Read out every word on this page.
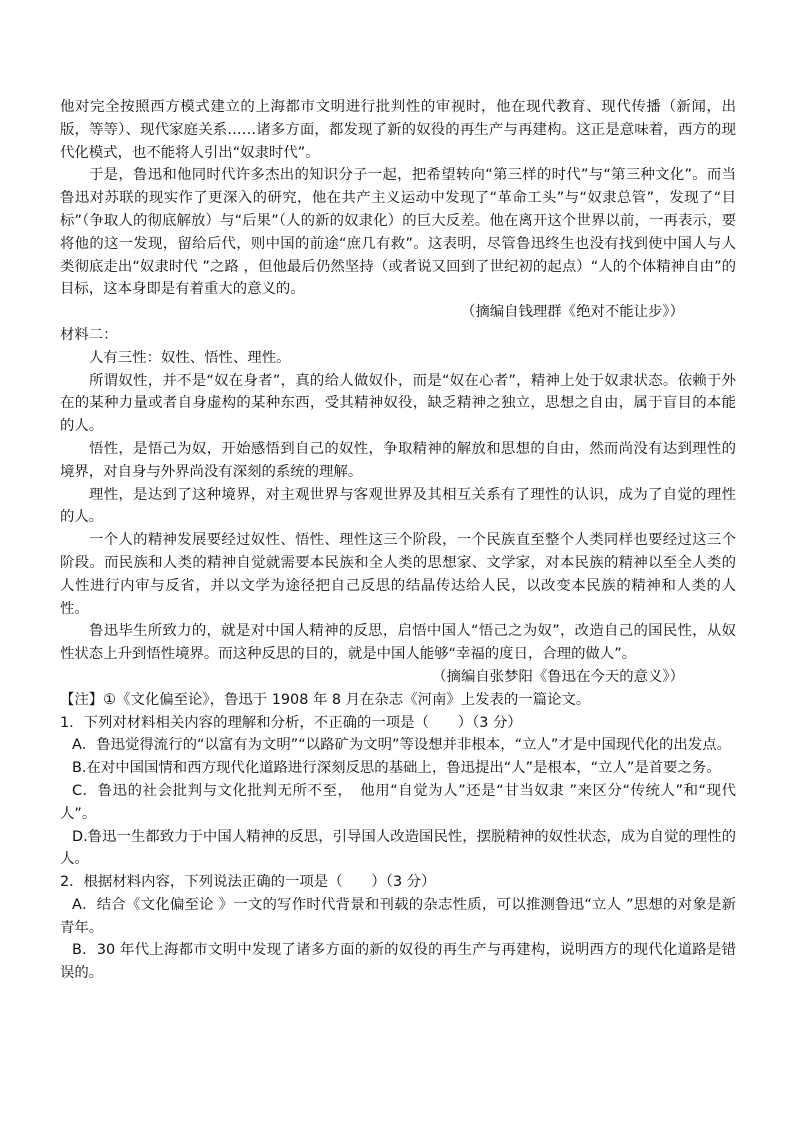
他对完全按照西方模式建立的上海都市文明进行批判性的审视时，他在现代教育、现代传播（新闻，出版，等等）、现代家庭关系……诸多方面，都发现了新的奴役的再生产与再建构。这正是意味着，西方的现代化模式，也不能将人引出“奴隶时代”。

于是，鲁迅和他同时代许多杰出的知识分子一起，把希望转向“第三样的时代”与“第三种文化”。而当鲁迅对苏联的现实作了更深入的研究，他在共产主义运动中发现了“革命工头”与“奴隶总管”，发现了“目标”（争取人的彻底解放）与“后果”（人的新的奴隶化）的巨大反差。他在离开这个世界以前，一再表示，要将他的这一发现，留给后代，则中国的前途“庶几有救”。这表明，尽管鲁迅终生也没有找到使中国人与人类彻底走出“奴隶时代 ”之路 ，但他最后仍然坚持（或者说又回到了世纪初的起点）“人的个体精神自由”的目标，这本身即是有着重大的意义的。

（摘编自钱理群《绝对不能让步》）

材料二：

人有三性：奴性、悟性、理性。

所谓奴性，并不是“奴在身者”，真的给人做奴仆，而是“奴在心者”，精神上处于奴隶状态。依赖于外在的某种力量或者自身虚构的某种东西，受其精神奴役，缺乏精神之独立，思想之自由，属于盲目的本能的人。

悟性，是悟己为奴，开始感悟到自己的奴性，争取精神的解放和思想的自由，然而尚没有达到理性的境界，对自身与外界尚没有深刻的系统的理解。

理性，是达到了这种境界，对主观世界与客观世界及其相互关系有了理性的认识，成为了自觉的理性的人。

一个人的精神发展要经过奴性、悟性、理性这三个阶段，一个民族直至整个人类同样也要经过这三个阶段。而民族和人类的精神自觉就需要本民族和全人类的思想家、文学家，对本民族的精神以至全人类的人性进行内审与反省，并以文学为途径把自己反思的结晶传达给人民，以改变本民族的精神和人类的人性。

鲁迅毕生所致力的，就是对中国人精神的反思，启悟中国人“悟己之为奴”，改造自己的国民性，从奴性状态上升到悟性境界。而这种反思的目的，就是中国人能够“幸福的度日，合理的做人”。

（摘编自张梦阳《鲁迅在今天的意义》）

【注】①《文化偏至论》，鲁迅于 1908 年 8 月在杂志《河南》上发表的一篇论文。

1．下列对材料相关内容的理解和分析，不正确的一项是（　　）（3 分）

A．鲁迅觉得流行的“以富有为文明”“以路矿为文明”等设想并非根本，“立人”才是中国现代化的出发点。

B.在对中国国情和西方现代化道路进行深刻反思的基础上，鲁迅提出“人”是根本，“立人”是首要之务。

C．鲁迅的社会批判与文化批判无所不至，　他用“自觉为人”还是“甘当奴隶 ”来区分“传统人”和“现代人”。

D.鲁迅一生都致力于中国人精神的反思，引导国人改造国民性，摆脱精神的奴性状态，成为自觉的理性的人。

2．根据材料内容，下列说法正确的一项是（　　）（3 分）

A．结合《文化偏至论 》一文的写作时代背景和刊载的杂志性质，可以推测鲁迅“立人 ”思想的对象是新青年。

B．30 年代上海都市文明中发现了诸多方面的新的奴役的再生产与再建构，说明西方的现代化道路是错误的。
